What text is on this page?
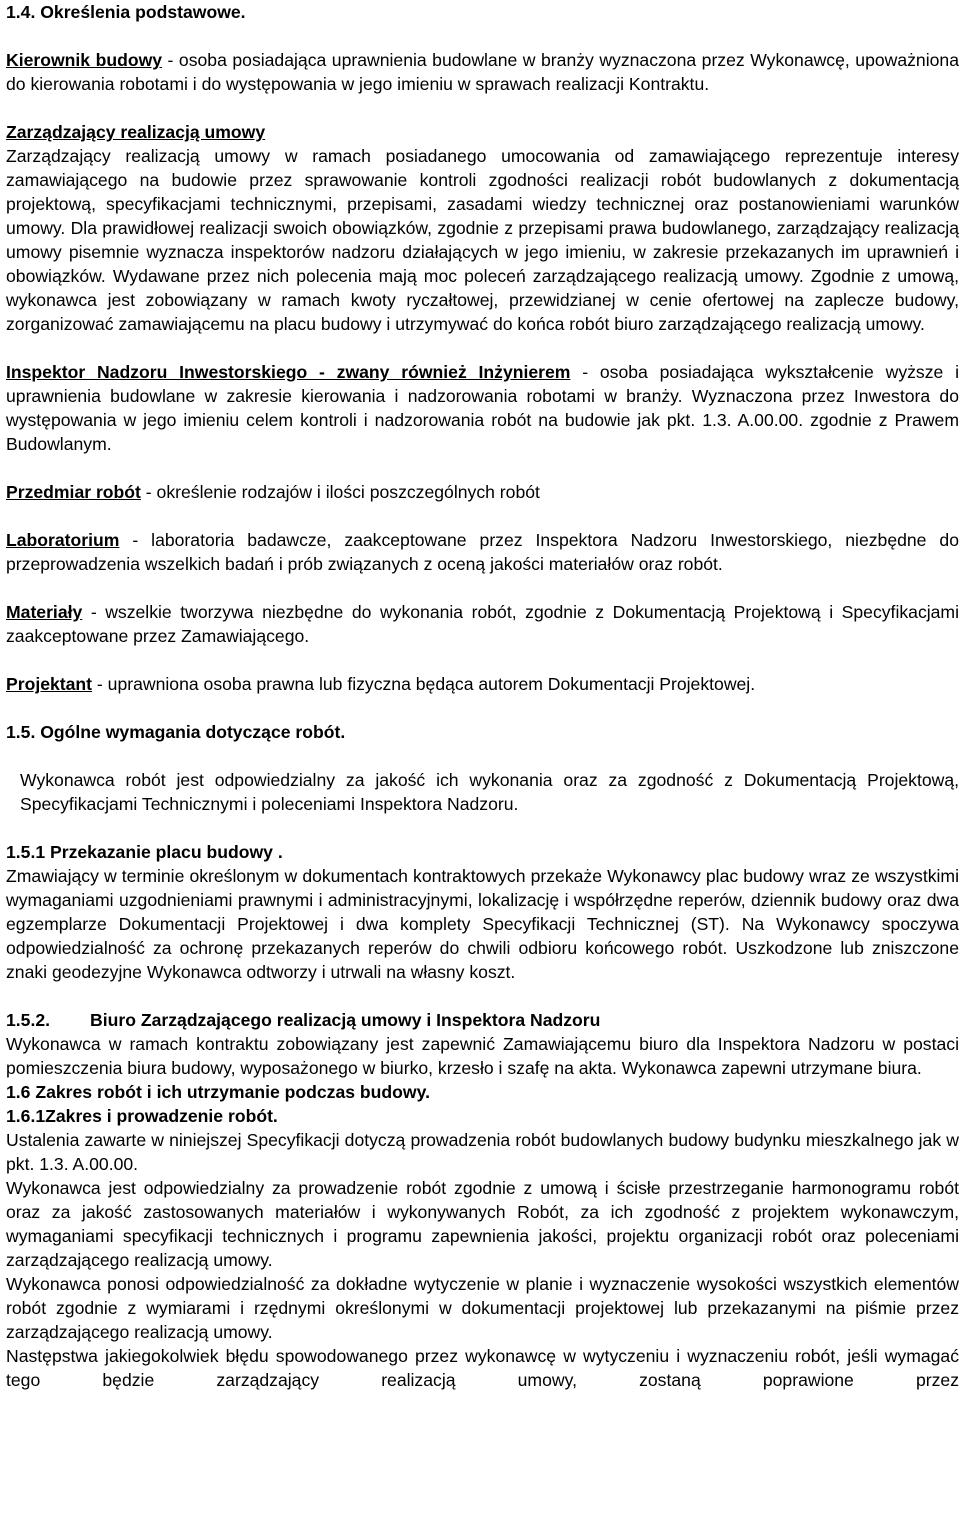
1.4. Określenia podstawowe.

Kierownik budowy - osoba posiadająca uprawnienia budowlane w branży wyznaczona przez Wykonawcę, upoważniona do kierowania robotami i do występowania w jego imieniu w sprawach realizacji Kontraktu.

Zarządzający realizacją umowy

Zarządzający realizacją umowy w ramach posiadanego umocowania od zamawiającego reprezentuje interesy zamawiającego na budowie przez sprawowanie kontroli zgodności realizacji robót budowlanych z dokumentacją projektową, specyfikacjami technicznymi, przepisami, zasadami wiedzy technicznej oraz postanowieniami warunków umowy. Dla prawidłowej realizacji swoich obowiązków, zgodnie z przepisami prawa budowlanego, zarządzający realizacją umowy pisemnie wyznacza inspektorów nadzoru działających w jego imieniu, w zakresie przekazanych im uprawnień i obowiązków. Wydawane przez nich polecenia mają moc poleceń zarządzającego realizacją umowy. Zgodnie z umową, wykonawca jest zobowiązany w ramach kwoty ryczałtowej, przewidzianej w cenie ofertowej na zaplecze budowy, zorganizować zamawiającemu na placu budowy i utrzymywać do końca robót biuro zarządzającego realizacją umowy.

Inspektor Nadzoru Inwestorskiego - zwany również Inżynierem - osoba posiadająca wykształcenie wyższe i uprawnienia budowlane w zakresie kierowania i nadzorowania robotami w branży. Wyznaczona przez Inwestora do występowania w jego imieniu celem kontroli i nadzorowania robót na budowie jak pkt. 1.3. A.00.00. zgodnie z Prawem Budowlanym.

Przedmiar robót - określenie rodzajów i ilości poszczególnych robót

Laboratorium - laboratoria badawcze, zaakceptowane przez Inspektora Nadzoru Inwestorskiego, niezbędne do przeprowadzenia wszelkich badań i prób związanych z oceną jakości materiałów oraz robót.

Materiały - wszelkie tworzywa niezbędne do wykonania robót, zgodnie z Dokumentacją Projektową i Specyfikacjami zaakceptowane przez Zamawiającego.

Projektant - uprawniona osoba prawna lub fizyczna będąca autorem Dokumentacji Projektowej.

1.5. Ogólne wymagania dotyczące robót.

Wykonawca robót jest odpowiedzialny za jakość ich wykonania oraz za zgodność z Dokumentacją Projektową, Specyfikacjami Technicznymi i poleceniami Inspektora Nadzoru.

1.5.1 Przekazanie placu budowy .

Zmawiający w terminie określonym w dokumentach kontraktowych przekaże Wykonawcy plac budowy wraz ze wszystkimi wymaganiami uzgodnieniami prawnymi i administracyjnymi, lokalizację i współrzędne reperów, dziennik budowy oraz dwa egzemplarze Dokumentacji Projektowej i dwa komplety Specyfikacji Technicznej (ST). Na Wykonawcy spoczywa odpowiedzialność za ochronę przekazanych reperów do chwili odbioru końcowego robót. Uszkodzone lub zniszczone znaki geodezyjne Wykonawca odtworzy i utrwali na własny koszt.

1.5.2. Biuro Zarządzającego realizacją umowy i Inspektora Nadzoru

Wykonawca w ramach kontraktu zobowiązany jest zapewnić Zamawiającemu biuro dla Inspektora Nadzoru w postaci pomieszczenia biura budowy, wyposażonego w biurko, krzesło i szafę na akta. Wykonawca zapewni utrzymane biura.

1.6 Zakres robót i ich utrzymanie podczas budowy.

1.6.1Zakres i prowadzenie robót.

Ustalenia zawarte w niniejszej Specyfikacji dotyczą prowadzenia robót budowlanych budowy budynku mieszkalnego jak w pkt. 1.3. A.00.00.

Wykonawca jest odpowiedzialny za prowadzenie robót zgodnie z umową i ścisłe przestrzeganie harmonogramu robót oraz za jakość zastosowanych materiałów i wykonywanych Robót, za ich zgodność z projektem wykonawczym, wymaganiami specyfikacji technicznych i programu zapewnienia jakości, projektu organizacji robót oraz poleceniami zarządzającego realizacją umowy.

Wykonawca ponosi odpowiedzialność za dokładne wytyczenie w planie i wyznaczenie wysokości wszystkich elementów robót zgodnie z wymiarami i rzędnymi określonymi w dokumentacji projektowej lub przekazanymi na piśmie przez zarządzającego realizacją umowy.

Następstwa jakiegokolwiek błędu spowodowanego przez wykonawcę w wytyczeniu i wyznaczeniu robót, jeśli wymagać tego będzie zarządzający realizacją umowy, zostaną poprawione przez
